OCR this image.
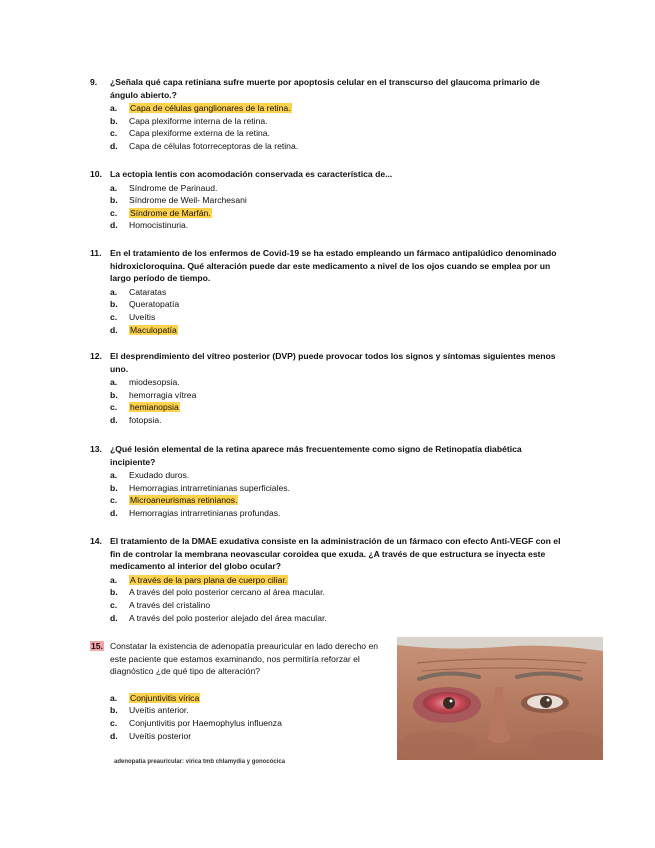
9.	¿Señala qué capa retiniana sufre muerte por apoptosis celular en el transcurso del glaucoma primario de ángulo abierto.?
a.	Capa de células ganglionares de la retina.
b.	Capa plexiforme interna de la retina.
c.	Capa plexiforme externa de la retina.
d.	Capa de células fotorreceptoras de la retina.
10. La ectopia lentis con acomodación conservada es característica de...
a.	Síndrome de Parinaud.
b.	Síndrome de Weil- Marchesani
c.	Síndrome de Marfán.
d.	Homocistinuria.
11. En el tratamiento de los enfermos de Covid-19 se ha estado empleando un fármaco antipalúdico denominado hidroxicloroquina. Qué alteración puede dar este medicamento a nivel de los ojos cuando se emplea por un largo período de tiempo.
a.	Cataratas
b.	Queratopatía
c.	Uveítis
d.	Maculopatía
12. El desprendimiento del vítreo posterior (DVP) puede provocar todos los signos y síntomas siguientes menos uno.
a.	miodesopsia.
b.	hemorragia vítrea
c.	hemianopsia
d.	fotopsia.
13. ¿Qué lesión elemental de la retina aparece más frecuentemente como signo de Retinopatía diabética incipiente?
a.	Exudado duros.
b.	Hemorragias intrarretinianas superficiales.
c.	Microaneurismas retinianos.
d.	Hemorragias intrarretinianas profundas.
14. El tratamiento de la DMAE exudativa consiste en la administración de un fármaco con efecto Anti-VEGF con el fin de controlar la membrana neovascular coroidea que exuda. ¿A través de que estructura se inyecta este medicamento al interior del globo ocular?
a.	A través de la pars plana de cuerpo ciliar.
b.	A través del polo posterior cercano al área macular.
c.	A través del cristalino
d.	A través del polo posterior alejado del área macular.
15. Constatar la existencia de adenopatía preauricular en lado derecho en este paciente que estamos examinando, nos permitiría reforzar el diagnóstico ¿de qué tipo de alteración?
a.	Conjuntivitis vírica
b.	Uveítis anterior.
c.	Conjuntivitis por Haemophylus influenza
d.	Uveítis posterior
adenopatía preauricular: vírica tmb chlamydia y gonocócica
